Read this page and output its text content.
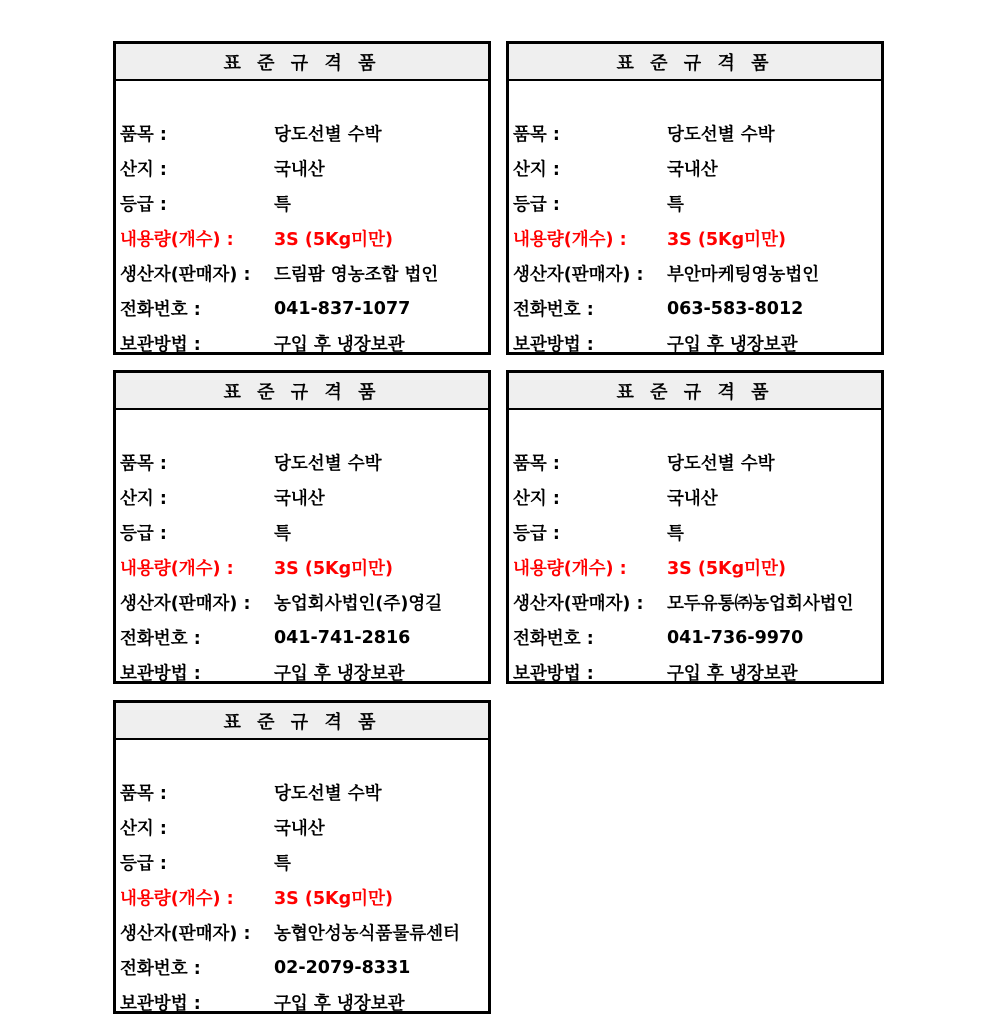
표 준 규 격 품
품목 :	당도선별 수박
산지 :	국내산
등급 :	특
내용량(개수) :	3S (5Kg미만)
생산자(판매자) :	드림팜 영농조합 법인
전화번호 :	041-837-1077
보관방법 :	구입 후 냉장보관
표 준 규 격 품
품목 :	당도선별 수박
산지 :	국내산
등급 :	특
내용량(개수) :	3S (5Kg미만)
생산자(판매자) :	부안마케팅영농법인
전화번호 :	063-583-8012
보관방법 :	구입 후 냉장보관
표 준 규 격 품
품목 :	당도선별 수박
산지 :	국내산
등급 :	특
내용량(개수) :	3S (5Kg미만)
생산자(판매자) :	농업회사법인(주)영길
전화번호 :	041-741-2816
보관방법 :	구입 후 냉장보관
표 준 규 격 품
품목 :	당도선별 수박
산지 :	국내산
등급 :	특
내용량(개수) :	3S (5Kg미만)
생산자(판매자) :	모두유통㈜농업회사법인
전화번호 :	041-736-9970
보관방법 :	구입 후 냉장보관
표 준 규 격 품
품목 :	당도선별 수박
산지 :	국내산
등급 :	특
내용량(개수) :	3S (5Kg미만)
생산자(판매자) :	농협안성농식품물류센터
전화번호 :	02-2079-8331
보관방법 :	구입 후 냉장보관
